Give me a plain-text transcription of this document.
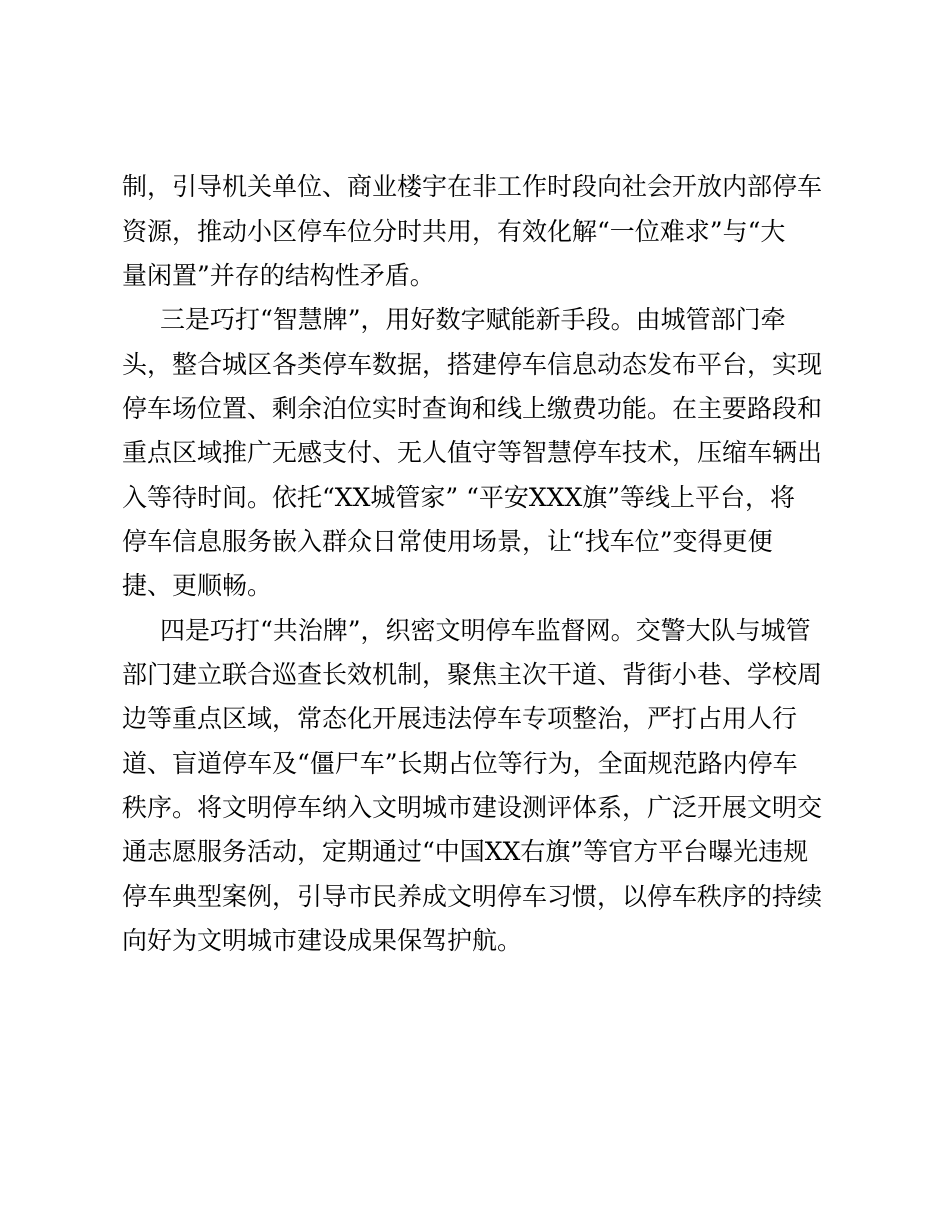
制，引导机关单位、商业楼宇在非工作时段向社会开放内部停车

资源，推动小区停车位分时共用，有效化解“一位难求”与“大

量闲置”并存的结构性矛盾。

三是巧打“智慧牌”，用好数字赋能新手段。由城管部门牵

头，整合城区各类停车数据，搭建停车信息动态发布平台，实现

停车场位置、剩余泊位实时查询和线上缴费功能。在主要路段和

重点区域推广无感支付、无人值守等智慧停车技术，压缩车辆出

入等待时间。依托“XX城管家” “平安XXX旗”等线上平台，将

停车信息服务嵌入群众日常使用场景，让“找车位”变得更便

捷、更顺畅。

四是巧打“共治牌”，织密文明停车监督网。交警大队与城管

部门建立联合巡查长效机制，聚焦主次干道、背街小巷、学校周

边等重点区域，常态化开展违法停车专项整治，严打占用人行

道、盲道停车及“僵尸车”长期占位等行为，全面规范路内停车

秩序。将文明停车纳入文明城市建设测评体系，广泛开展文明交

通志愿服务活动，定期通过“中国XX右旗”等官方平台曝光违规

停车典型案例，引导市民养成文明停车习惯，以停车秩序的持续

向好为文明城市建设成果保驾护航。
